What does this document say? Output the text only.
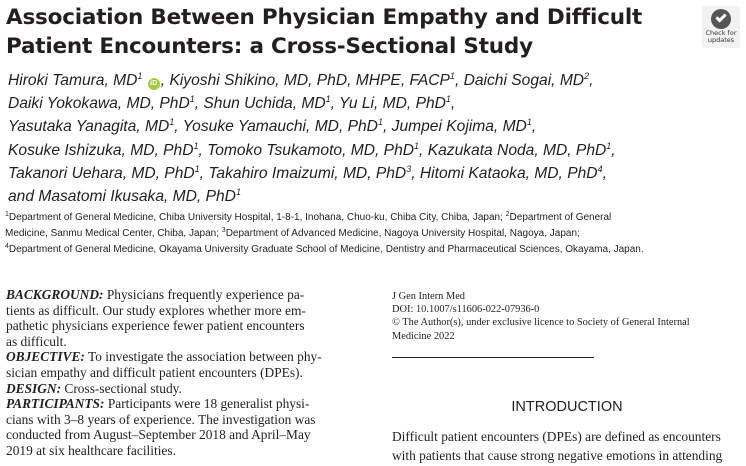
Association Between Physician Empathy and Difficult
Patient Encounters: a Cross-Sectional Study
Check for
updates
Hiroki Tamura, $MD^1$ iD , Kiyoshi Shikino, MD, PhD, MHPE, FACP$^1$, Daichi Sogai, $MD^2$,
Daiki Yokokawa, MD, PhD$^1$, Shun Uchida, $MD^1$, Yu Li, MD, PhD$^1$,
Yasutaka Yanagita, $MD^1$, Yosuke Yamauchi, MD, PhD$^1$, Jumpei Kojima, $MD^1$,
Kosuke Ishizuka, MD, PhD$^1$, Tomoko Tsukamoto, MD, PhD$^1$, Kazukata Noda, MD, PhD$^1$,
Takanori Uehara, MD, PhD$^1$, Takahiro Imaizumi, MD, PhD$^3$, Hitomi Kataoka, MD, PhD$^4$,
and Masatomi Ikusaka, MD, PhD$^1$
$^1$Department of General Medicine, Chiba University Hospital, 1-8-1, Inohana, Chuo-ku, Chiba City, Chiba, Japan; $^2$Department of General
Medicine, Sanmu Medical Center, Chiba, Japan; $^3$Department of Advanced Medicine, Nagoya University Hospital, Nagoya, Japan;
$^4$Department of General Medicine, Okayama University Graduate School of Medicine, Dentistry and Pharmaceutical Sciences, Okayama, Japan.
BACKGROUND: Physicians frequently experience pa-
tients as difficult. Our study explores whether more em-
pathetic physicians experience fewer patient encounters
as difficult.
OBJECTIVE: To investigate the association between phy-
sician empathy and difficult patient encounters (DPEs).
DESIGN: Cross-sectional study.
PARTICIPANTS: Participants were 18 generalist physi-
cians with 3–8 years of experience. The investigation was
conducted from August–September 2018 and April–May
2019 at six healthcare facilities.
J Gen Intern Med
DOI: 10.1007/s11606-022-07936-0
© The Author(s), under exclusive licence to Society of General Internal
Medicine 2022
INTRODUCTION
Difficult patient encounters (DPEs) are defined as encounters
with patients that cause strong negative emotions in attending
